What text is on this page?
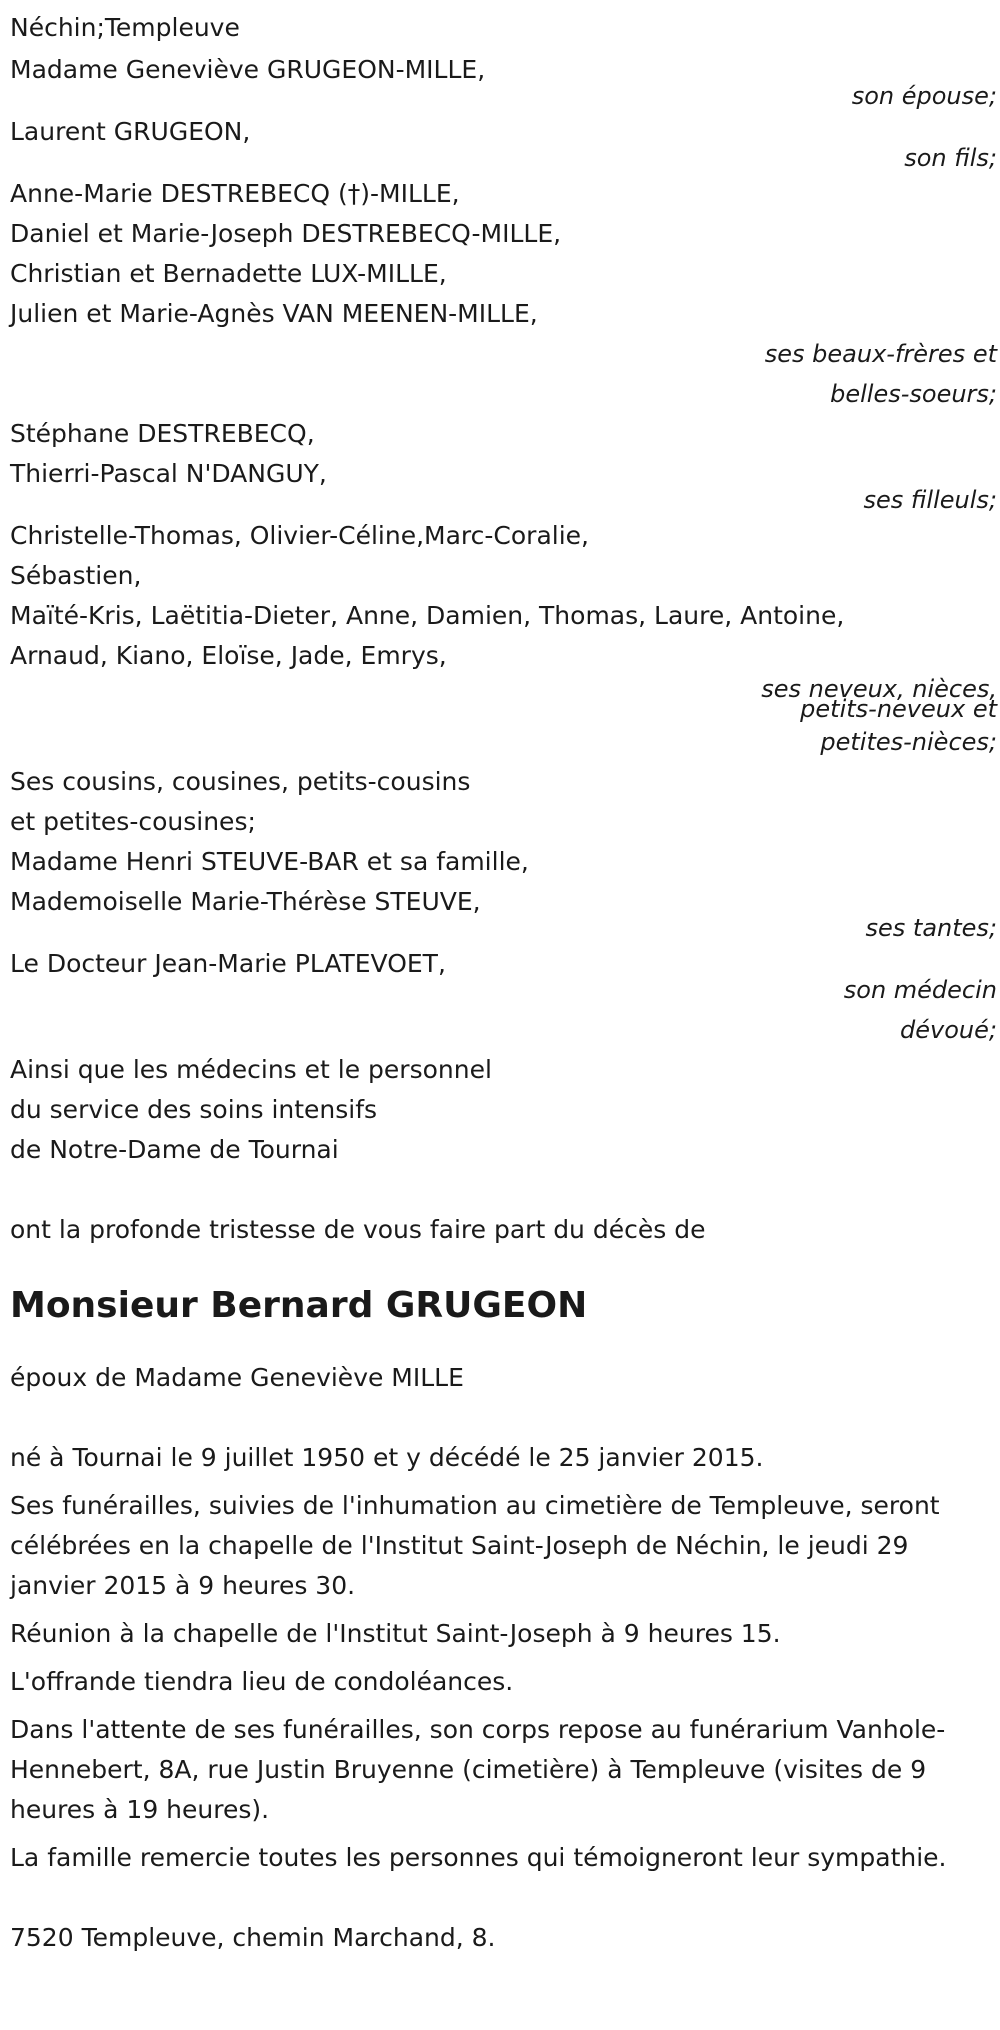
Néchin;Templeuve

Madame Geneviève GRUGEON-MILLE,

son épouse;

Laurent GRUGEON,

son fils;

Anne-Marie DESTREBECQ (†)-MILLE,

Daniel et Marie-Joseph DESTREBECQ-MILLE,

Christian et Bernadette LUX-MILLE,

Julien et Marie-Agnès VAN MEENEN-MILLE,

ses beaux-frères et

belles-soeurs;

Stéphane DESTREBECQ,

Thierri-Pascal N'DANGUY,

ses filleuls;

Christelle-Thomas, Olivier-Céline,Marc-Coralie,

Sébastien,

Maïté-Kris, Laëtitia-Dieter, Anne, Damien, Thomas, Laure, Antoine,

Arnaud, Kiano, Eloïse, Jade, Emrys,

ses neveux, nièces,

petits-neveux et

petites-nièces;

Ses cousins, cousines, petits-cousins

et petites-cousines;

Madame Henri STEUVE-BAR et sa famille,

Mademoiselle Marie-Thérèse STEUVE,

ses tantes;

Le Docteur Jean-Marie PLATEVOET,

son médecin

dévoué;

Ainsi que les médecins et le personnel

du service des soins intensifs

de Notre-Dame de Tournai

ont la profonde tristesse de vous faire part du décès de

Monsieur Bernard GRUGEON

époux de Madame Geneviève MILLE

né à Tournai le 9 juillet 1950 et y décédé le 25 janvier 2015.

Ses funérailles, suivies de l'inhumation au cimetière de Templeuve, seront célébrées en la chapelle de l'Institut Saint-Joseph de Néchin, le jeudi 29 janvier 2015 à 9 heures 30.

Réunion à la chapelle de l'Institut Saint-Joseph à 9 heures 15.

L'offrande tiendra lieu de condoléances.

Dans l'attente de ses funérailles, son corps repose au funérarium Vanhole-Hennebert, 8A, rue Justin Bruyenne (cimetière) à Templeuve (visites de 9 heures à 19 heures).

La famille remercie toutes les personnes qui témoigneront leur sympathie.

7520 Templeuve, chemin Marchand, 8.
